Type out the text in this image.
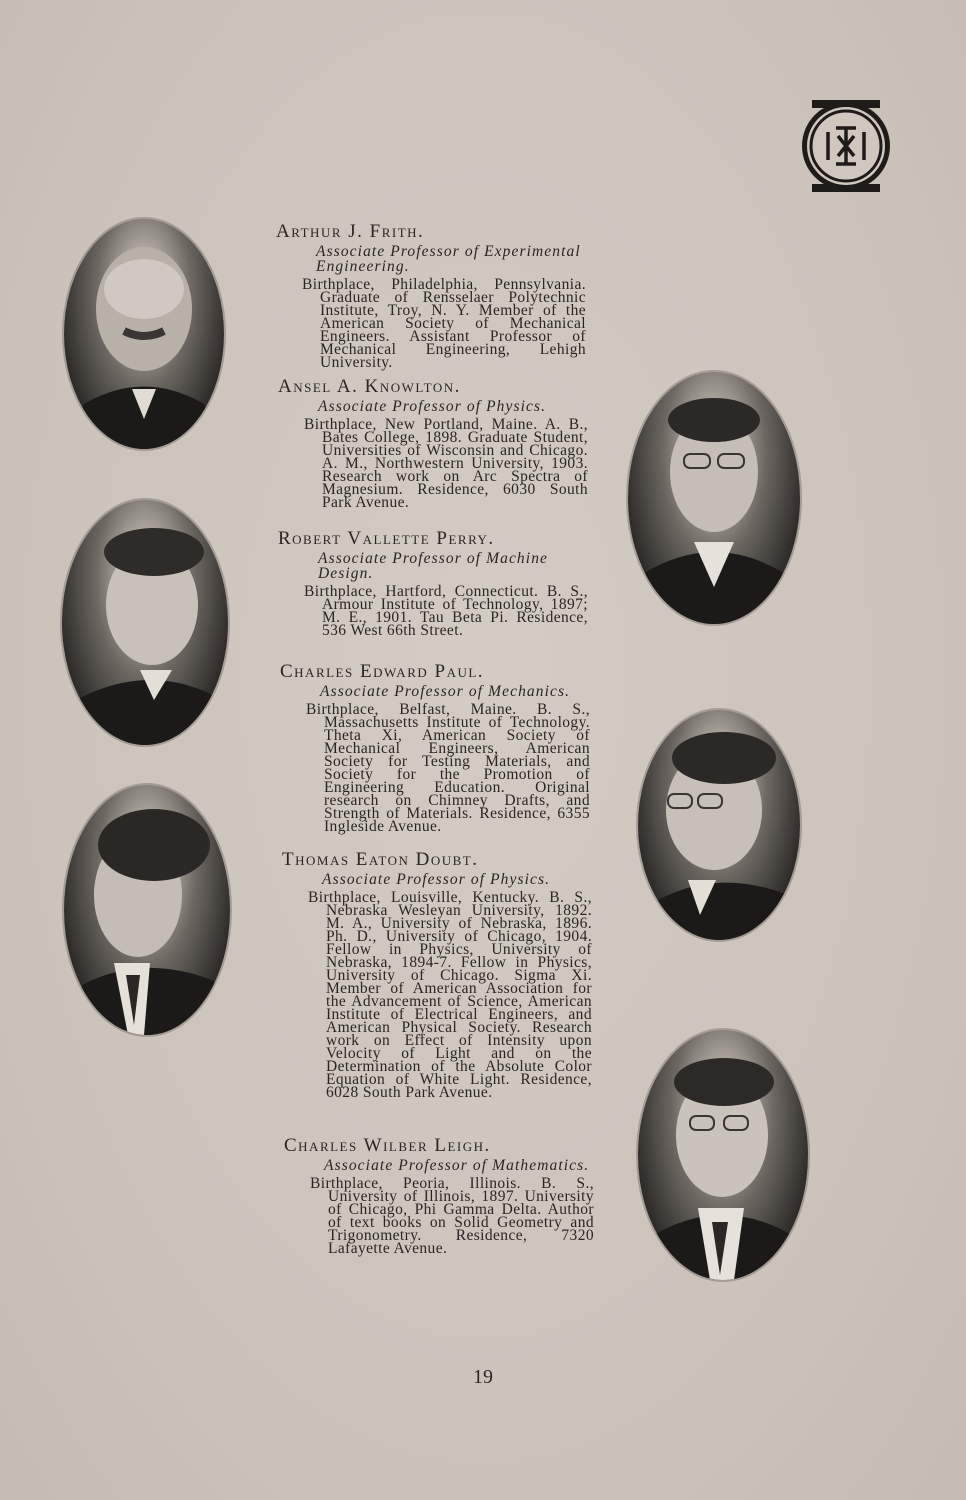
Arthur J. Frith.
Associate Professor of Experimental Engineering.

Birthplace, Philadelphia, Pennsylvania. Graduate of Rensselaer Polytechnic Institute, Troy, N. Y. Member of the American Society of Mechanical Engineers. Assistant Professor of Mechanical Engineering, Lehigh University.

Ansel A. Knowlton.
Associate Professor of Physics.

Birthplace, New Portland, Maine. A. B., Bates College, 1898. Graduate Student, Universities of Wisconsin and Chicago. A. M., Northwestern University, 1903. Research work on Arc Spectra of Magnesium. Residence, 6030 South Park Avenue.

Robert Vallette Perry.
Associate Professor of Machine Design.

Birthplace, Hartford, Connecticut. B. S., Armour Institute of Technology, 1897; M. E., 1901. Tau Beta Pi. Residence, 536 West 66th Street.

Charles Edward Paul.
Associate Professor of Mechanics.

Birthplace, Belfast, Maine. B. S., Massachusetts Institute of Technology. Theta Xi, American Society of Mechanical Engineers, American Society for Testing Materials, and Society for the Promotion of Engineering Education. Original research on Chimney Drafts, and Strength of Materials. Residence, 6355 Ingleside Avenue.

Thomas Eaton Doubt.
Associate Professor of Physics.

Birthplace, Louisville, Kentucky. B. S., Nebraska Wesleyan University, 1892. M. A., University of Nebraska, 1896. Ph. D., University of Chicago, 1904. Fellow in Physics, University of Nebraska, 1894-7. Fellow in Physics, University of Chicago. Sigma Xi. Member of American Association for the Advancement of Science, American Institute of Electrical Engineers, and American Physical Society. Research work on Effect of Intensity upon Velocity of Light and on the Determination of the Absolute Color Equation of White Light. Residence, 6028 South Park Avenue.

Charles Wilber Leigh.
Associate Professor of Mathematics.

Birthplace, Peoria, Illinois. B. S., University of Illinois, 1897. University of Chicago, Phi Gamma Delta. Author of text books on Solid Geometry and Trigonometry. Residence, 7320 Lafayette Avenue.

19
